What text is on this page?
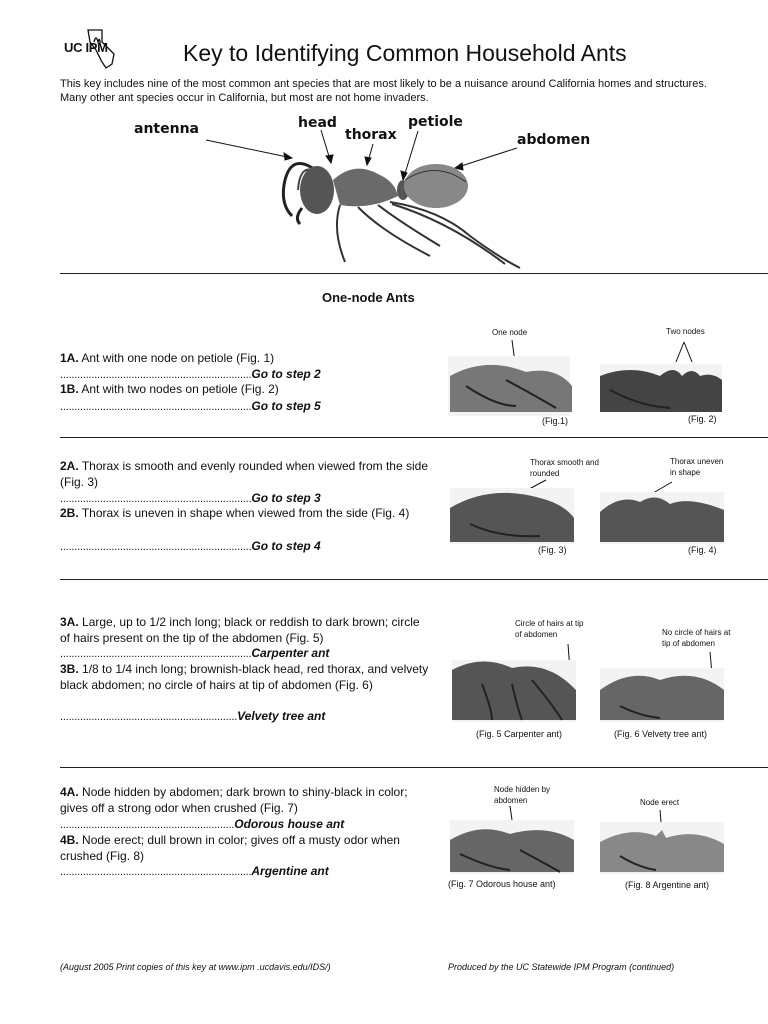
UC IPM	Key to Identifying Common Household Ants
This key includes nine of the most common ant species that are most likely to be a nuisance around California homes and structures. Many other ant species occur in California, but most are not home invaders.
antenna	head
thorax
petiole
abdomen
One-node Ants
1A. Ant with one node on petiole (Fig. 1)
...................................................................Go to step 2
1B. Ant with two nodes on petiole (Fig. 2)
...................................................................Go to step 5
One node
(Fig.1)
Two nodes
(Fig. 2)
2A. Thorax is smooth and evenly rounded when viewed from the side (Fig. 3)
...................................................................Go to step 3
2B. Thorax is uneven in shape when viewed from the side (Fig. 4)
...................................................................Go to step 4
Thorax smooth and rounded
(Fig. 3)
Thorax uneven in shape
(Fig. 4)
3A. Large, up to 1/2 inch long; black or reddish to dark brown; circle of hairs present on the tip of the abdomen (Fig. 5)
...................................................................Carpenter ant
3B. 1/8 to 1/4 inch long; brownish-black head, red thorax, and velvety black abdomen; no circle of hairs at tip of abdomen (Fig. 6)
..............................................................Velvety tree ant
Circle of hairs at tip of abdomen
(Fig. 5 Carpenter ant)
No circle of hairs at tip of abdomen
(Fig. 6 Velvety tree ant)
4A. Node hidden by abdomen; dark brown to shiny-black in color; gives off a strong odor when crushed (Fig. 7)
.............................................................Odorous house ant
4B. Node erect; dull brown in color; gives off a musty odor when crushed (Fig. 8)
...................................................................Argentine ant
Node hidden by abdomen
(Fig. 7 Odorous house ant)
Node erect
(Fig. 8 Argentine ant)
(August 2005 Print copies of this key at www.ipm .ucdavis.edu/IDS/)	Produced by the UC Statewide IPM Program (continued)
